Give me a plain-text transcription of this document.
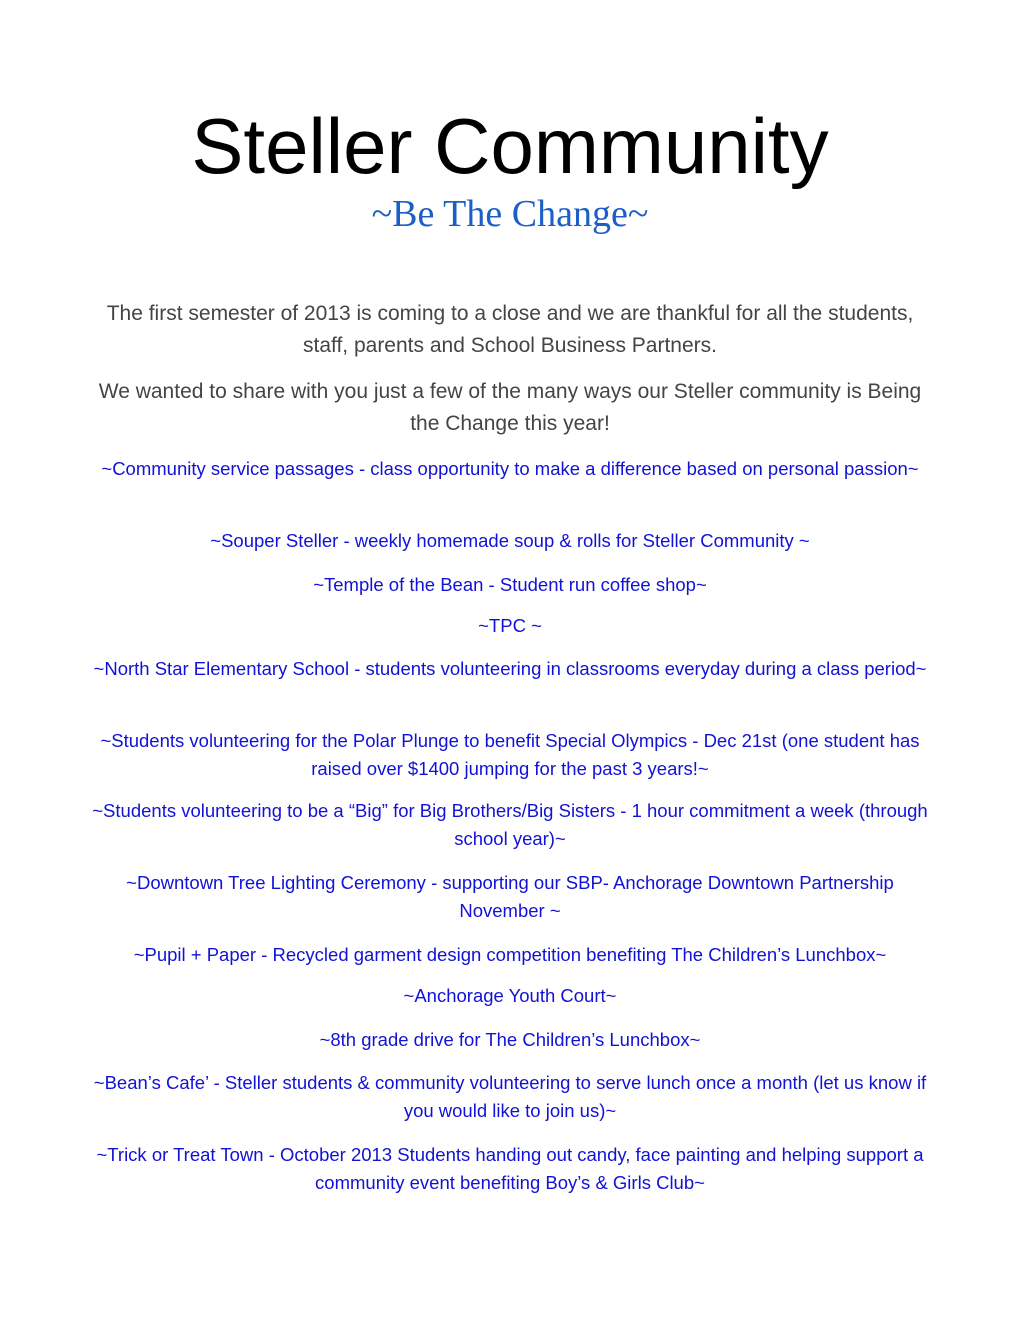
Steller Community
~Be The Change~

The first semester of 2013 is coming to a close and we are thankful for all the students, staff, parents and School Business Partners.

We wanted to share with you just a few of the many ways our Steller community is Being the Change this year!

~Community service passages - class opportunity to make a difference based on personal passion~
~Souper Steller - weekly homemade soup & rolls for Steller Community ~
~Temple of the Bean - Student run coffee shop~
~TPC ~
~North Star Elementary School - students volunteering in classrooms everyday during a class period~
~Students volunteering for the Polar Plunge to benefit Special Olympics - Dec 21st (one student has raised over $1400 jumping for the past 3 years!~
~Students volunteering to be a “Big” for Big Brothers/Big Sisters - 1 hour commitment a week (through school year)~
~Downtown Tree Lighting Ceremony - supporting our SBP- Anchorage Downtown Partnership November ~
~Pupil + Paper - Recycled garment design competition benefiting The Children’s Lunchbox~
~Anchorage Youth Court~
~8th grade drive for The Children’s Lunchbox~
~Bean’s Cafe’ - Steller students & community volunteering to serve lunch once a month (let us know if you would like to join us)~
~Trick or Treat Town - October 2013 Students handing out candy, face painting and helping support a community event benefiting Boy’s & Girls Club~
